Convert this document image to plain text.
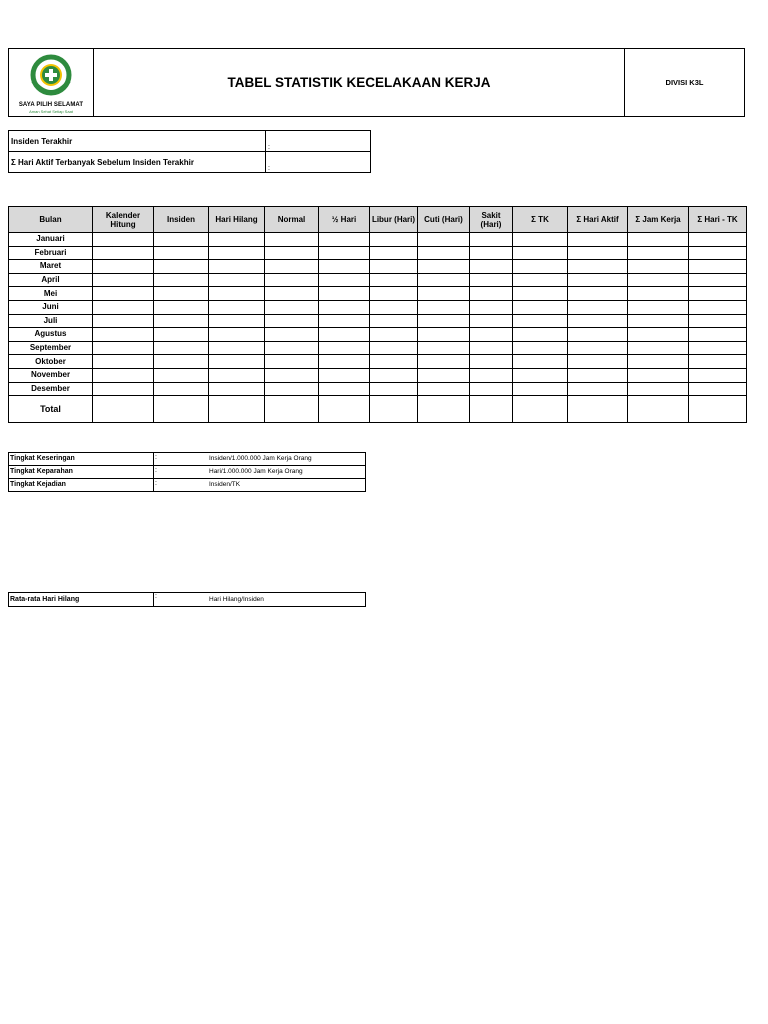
SAYA PILIH SELAMAT
Aman Sehat Setiap Saat
TABEL STATISTIK KECELAKAAN KERJA	DIVISI K3L
Insiden Terakhir	:
Σ Hari Aktif Terbanyak Sebelum Insiden Terakhir	:
Bulan	Kalender Hitung	Insiden	Hari Hilang	Normal	½ Hari	Libur (Hari)	Cuti (Hari)	Sakit (Hari)	Σ TK	Σ Hari Aktif	Σ Jam Kerja	Σ Hari - TK
Januari												
Februari												
Maret												
April												
Mei												
Juni												
Juli												
Agustus												
September												
Oktober												
November												
Desember												
Total												
Tingkat Keseringan	:	Insiden/1.000.000 Jam Kerja Orang
Tingkat Keparahan	:	Hari/1.000.000 Jam Kerja Orang
Tingkat Kejadian	:	Insiden/TK
Rata-rata Hari Hilang	:	Hari Hilang/Insiden
